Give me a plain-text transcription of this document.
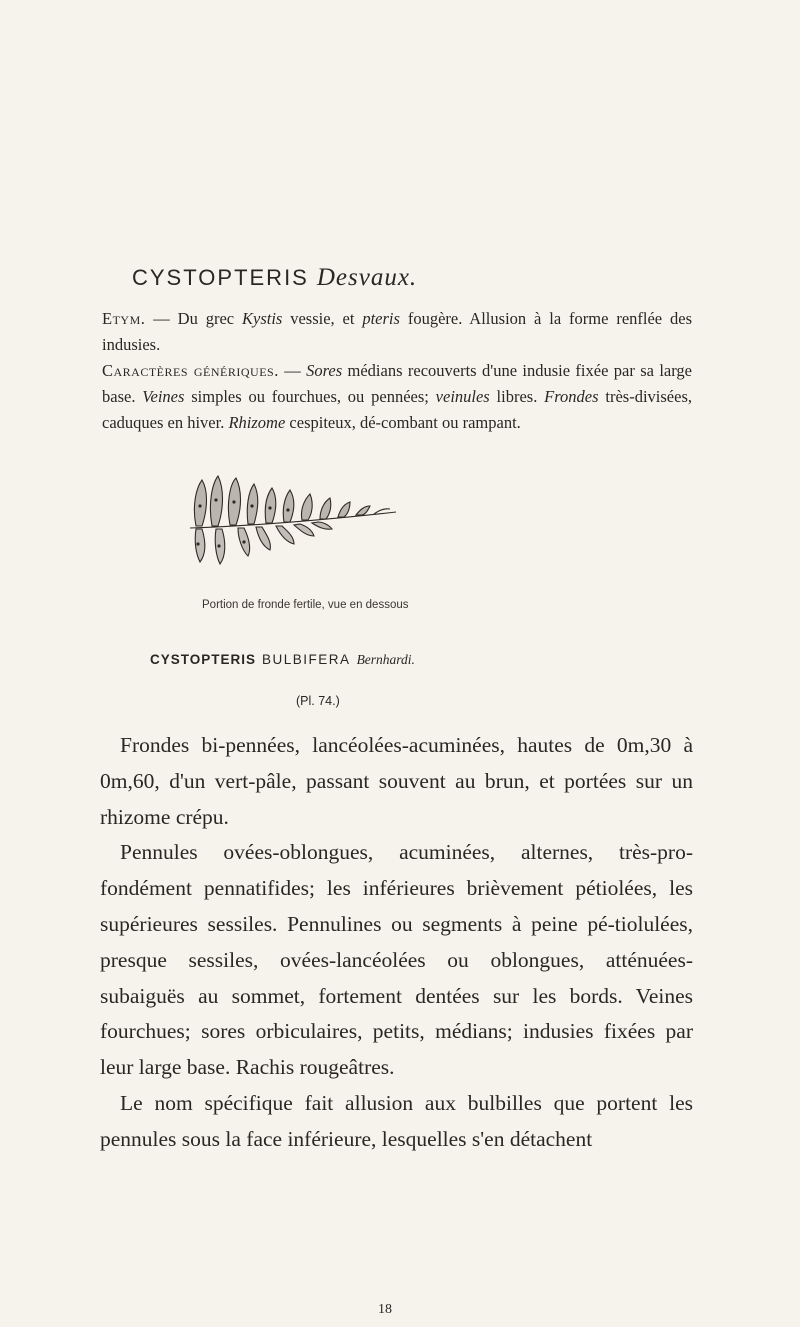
CYSTOPTERIS Desvaux.

Etym. — Du grec Kystis vessie, et pteris fougère. Allusion à la forme renflée des indusies.

Caractères génériques. — Sores médians recouverts d'une indusie fixée par sa large base. Veines simples ou fourchues, ou pennées; veinules libres. Frondes très-divisées, caduques en hiver. Rhizome cespiteux, dé-combant ou rampant.

Portion de fronde fertile, vue en dessous
CYSTOPTERIS BULBIFERA Bernhardi.
(Pl. 74.)

Frondes bi-pennées, lancéolées-acuminées, hautes de 0m,30 à 0m,60, d'un vert-pâle, passant souvent au brun, et portées sur un rhizome crépu.

Pennules ovées-oblongues, acuminées, alternes, très-pro-fondément pennatifides; les inférieures brièvement pétiolées, les supérieures sessiles. Pennulines ou segments à peine pé-tiolulées, presque sessiles, ovées-lancéolées ou oblongues, atténuées-subaiguës au sommet, fortement dentées sur les bords. Veines fourchues; sores orbiculaires, petits, médians; indusies fixées par leur large base. Rachis rougeâtres.

Le nom spécifique fait allusion aux bulbilles que portent les pennules sous la face inférieure, lesquelles s'en détachent

18
